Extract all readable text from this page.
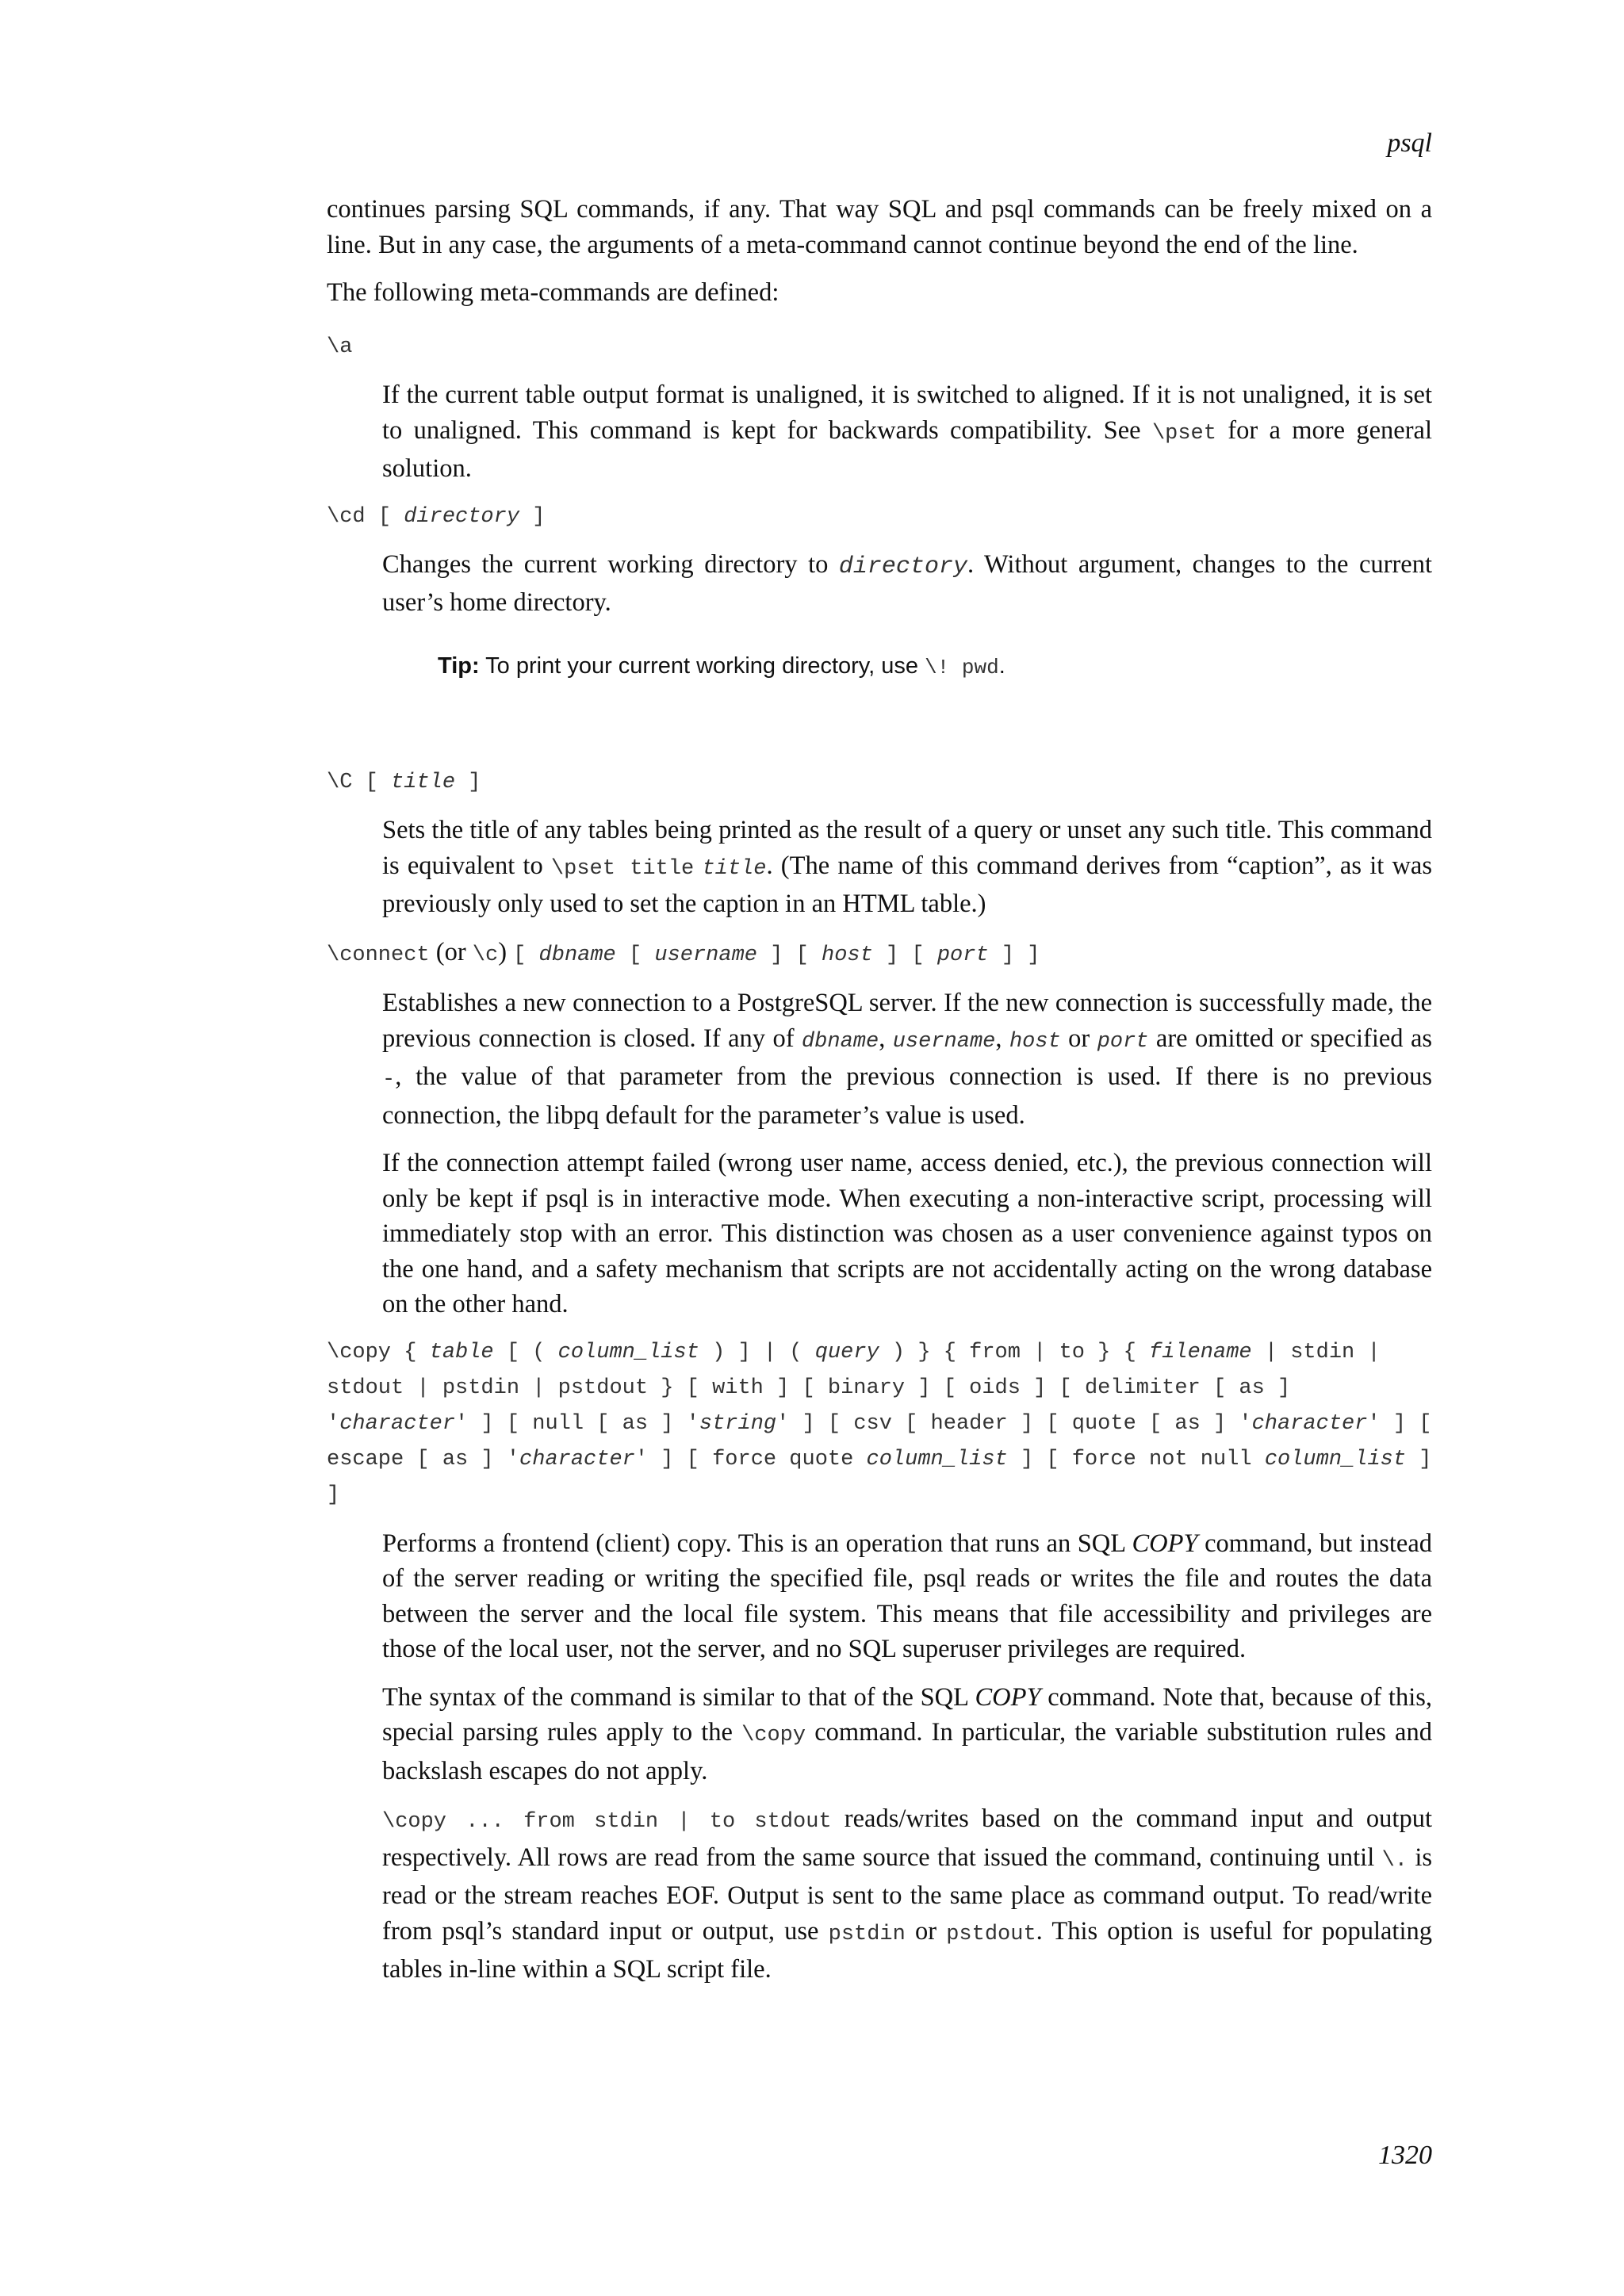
psql

continues parsing SQL commands, if any. That way SQL and psql commands can be freely mixed on a line. But in any case, the arguments of a meta-command cannot continue beyond the end of the line.

The following meta-commands are defined:

\a

If the current table output format is unaligned, it is switched to aligned. If it is not unaligned, it is set to unaligned. This command is kept for backwards compatibility. See \pset for a more general solution.

\cd [ directory ]

Changes the current working directory to directory. Without argument, changes to the current user’s home directory.

Tip: To print your current working directory, use \! pwd.
\C [ title ]

Sets the title of any tables being printed as the result of a query or unset any such title. This command is equivalent to \pset title title. (The name of this command derives from “caption”, as it was previously only used to set the caption in an HTML table.)

\connect (or \c) [ dbname [ username ] [ host ] [ port ] ]

Establishes a new connection to a PostgreSQL server. If the new connection is successfully made, the previous connection is closed. If any of dbname, username, host or port are omitted or specified as -, the value of that parameter from the previous connection is used. If there is no previous connection, the libpq default for the parameter’s value is used.

If the connection attempt failed (wrong user name, access denied, etc.), the previous connection will only be kept if psql is in interactive mode. When executing a non-interactive script, processing will immediately stop with an error. This distinction was chosen as a user convenience against typos on the one hand, and a safety mechanism that scripts are not accidentally acting on the wrong database on the other hand.

\copy { table [ ( column_list ) ] | ( query ) } { from | to } { filename | stdin | stdout | pstdin | pstdout } [ with ] [ binary ] [ oids ] [ delimiter [ as ] 'character' ] [ null [ as ] 'string' ] [ csv [ header ] [ quote [ as ] 'character' ] [ escape [ as ] 'character' ] [ force quote column_list ] [ force not null column_list ] ]

Performs a frontend (client) copy. This is an operation that runs an SQL COPY command, but instead of the server reading or writing the specified file, psql reads or writes the file and routes the data between the server and the local file system. This means that file accessibility and privileges are those of the local user, not the server, and no SQL superuser privileges are required.

The syntax of the command is similar to that of the SQL COPY command. Note that, because of this, special parsing rules apply to the \copy command. In particular, the variable substitution rules and backslash escapes do not apply.

\copy ... from stdin | to stdout reads/writes based on the command input and output respectively. All rows are read from the same source that issued the command, continuing until \. is read or the stream reaches EOF. Output is sent to the same place as command output. To read/write from psql’s standard input or output, use pstdin or pstdout. This option is useful for populating tables in-line within a SQL script file.

1320
